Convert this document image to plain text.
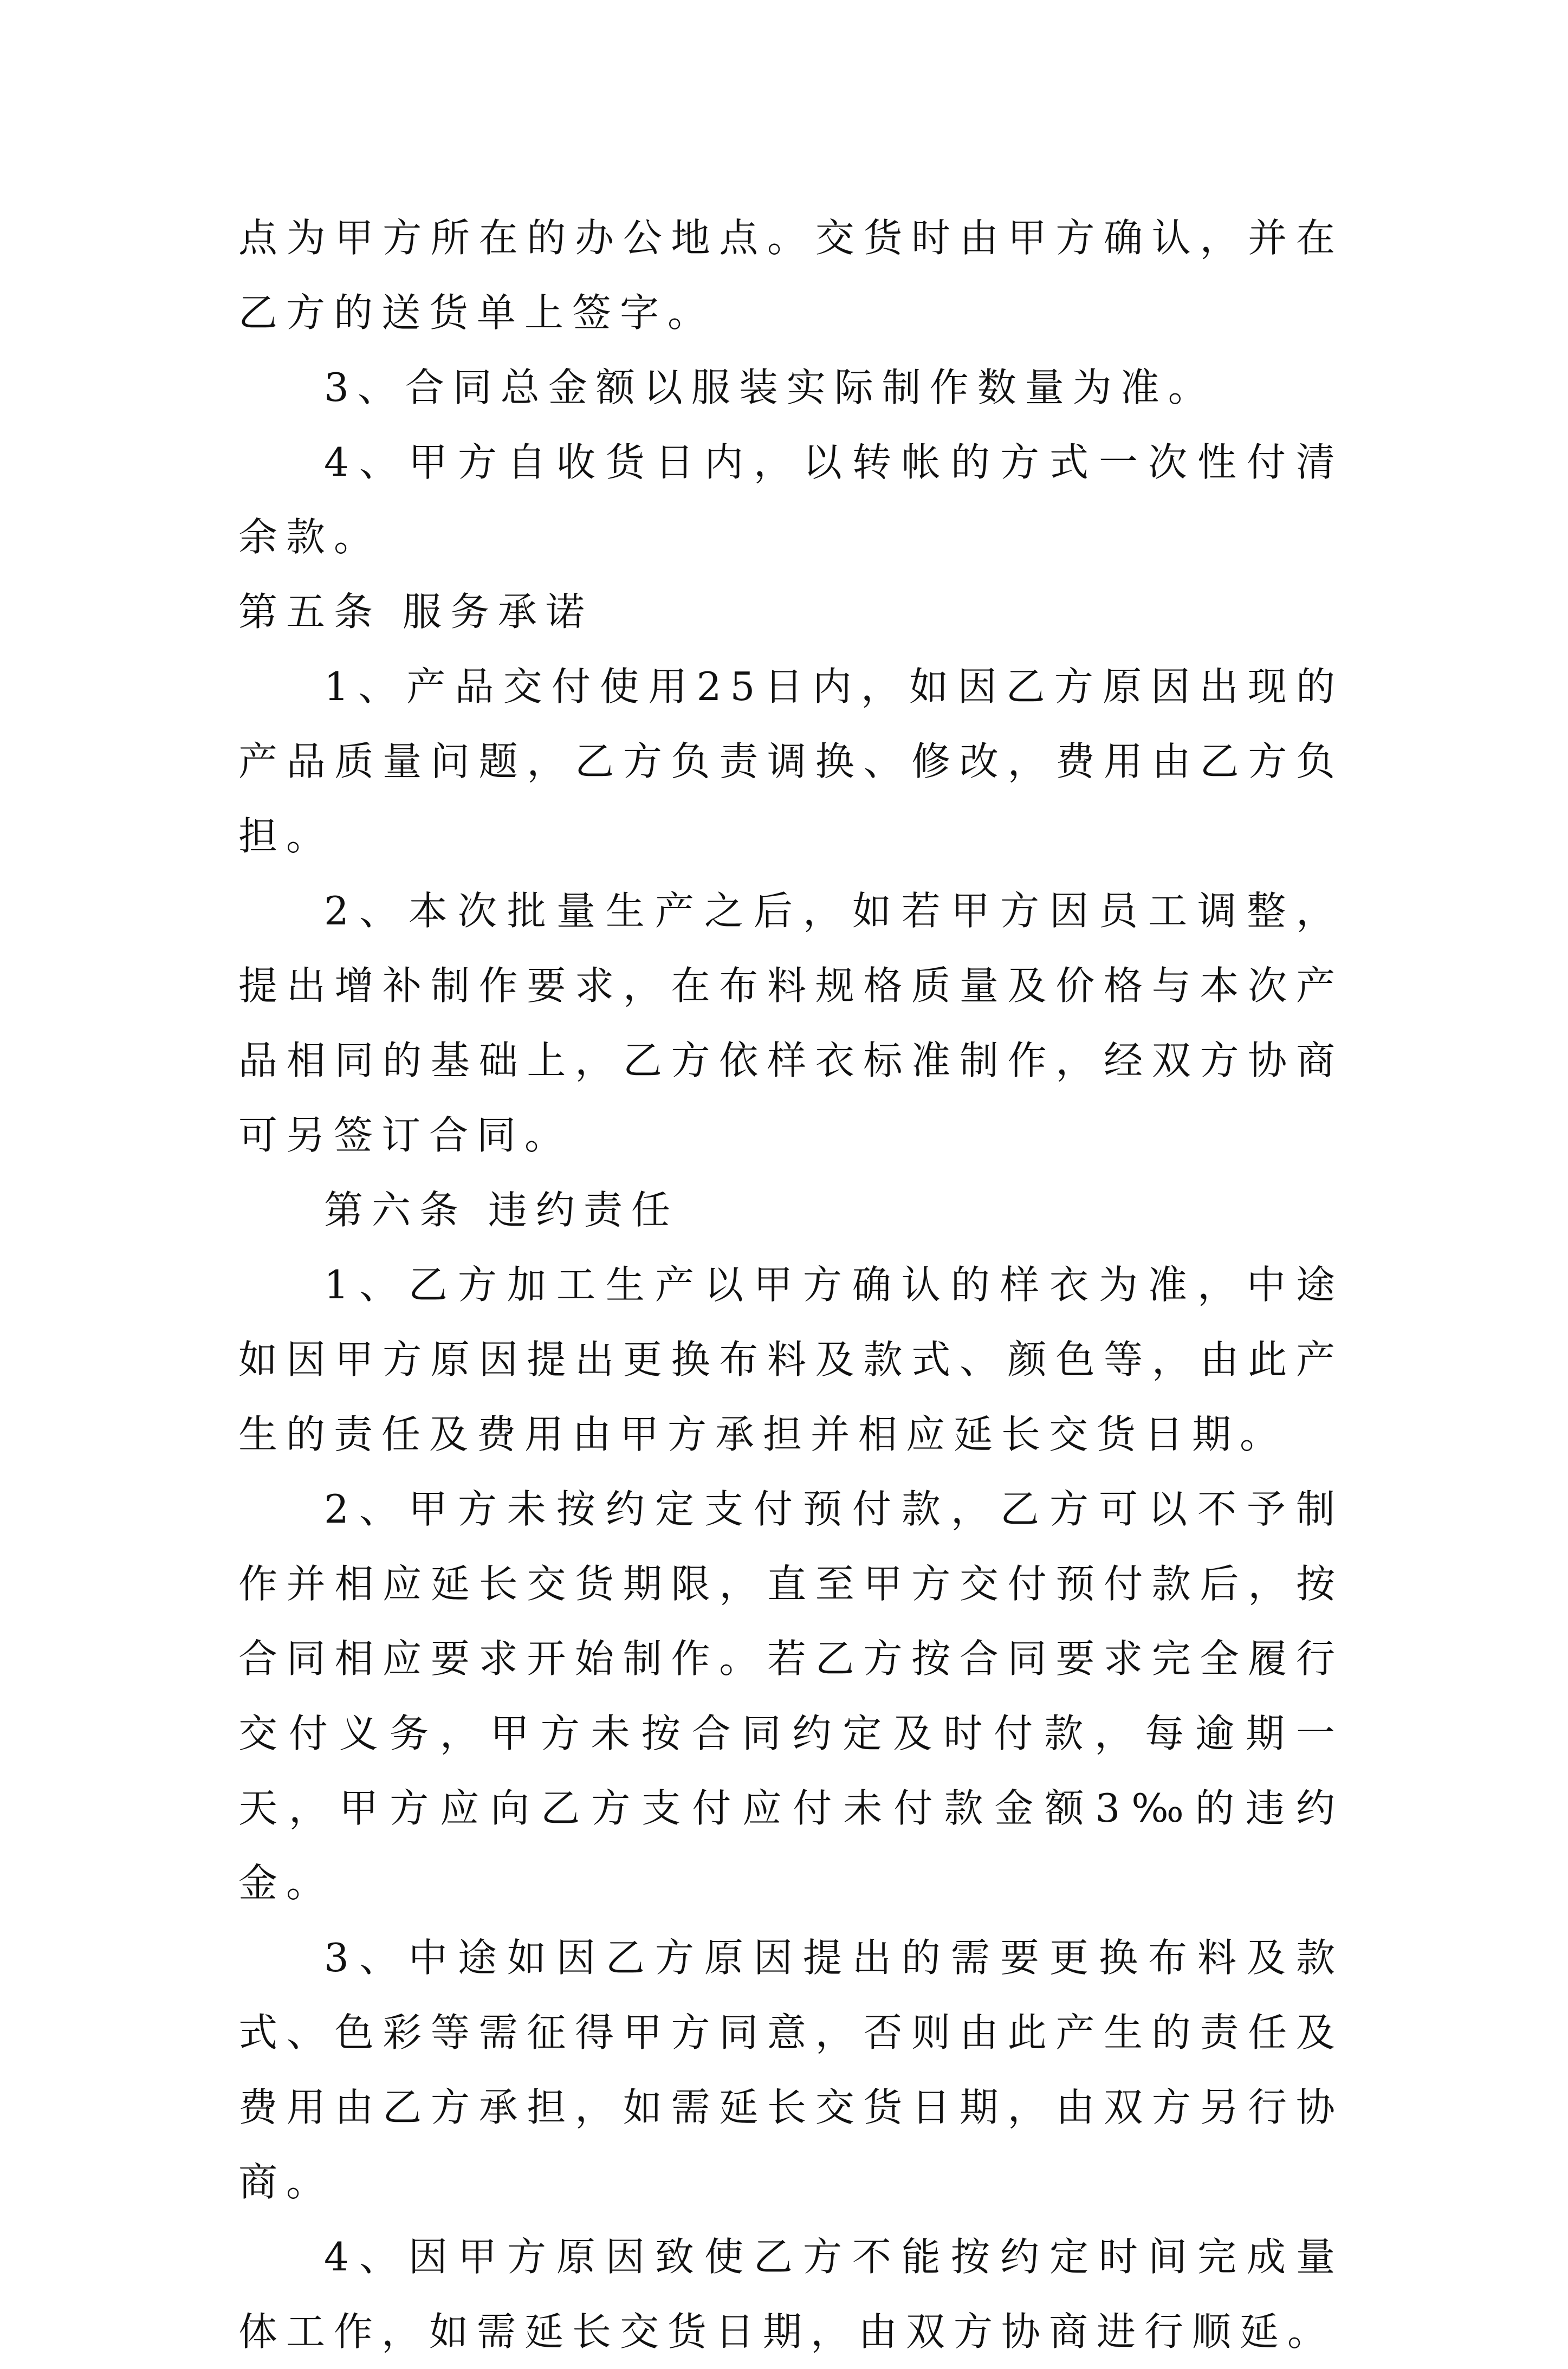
点为甲方所在的办公地点。交货时由甲方确认，并在乙方的送货单上签字。

3、合同总金额以服装实际制作数量为准。

4、甲方自收货日内，以转帐的方式一次性付清余款。

第五条 服务承诺

1、产品交付使用25日内，如因乙方原因出现的产品质量问题，乙方负责调换、修改，费用由乙方负担。

2、本次批量生产之后，如若甲方因员工调整，提出增补制作要求，在布料规格质量及价格与本次产品相同的基础上，乙方依样衣标准制作，经双方协商可另签订合同。

第六条 违约责任

1、乙方加工生产以甲方确认的样衣为准，中途如因甲方原因提出更换布料及款式、颜色等，由此产生的责任及费用由甲方承担并相应延长交货日期。

2、甲方未按约定支付预付款，乙方可以不予制作并相应延长交货期限，直至甲方交付预付款后，按合同相应要求开始制作。若乙方按合同要求完全履行交付义务，甲方未按合同约定及时付款，每逾期一天，甲方应向乙方支付应付未付款金额3‰的违约金。

3、中途如因乙方原因提出的需要更换布料及款式、色彩等需征得甲方同意，否则由此产生的责任及费用由乙方承担，如需延长交货日期，由双方另行协商。

4、因甲方原因致使乙方不能按约定时间完成量体工作，如需延长交货日期，由双方协商进行顺延。
